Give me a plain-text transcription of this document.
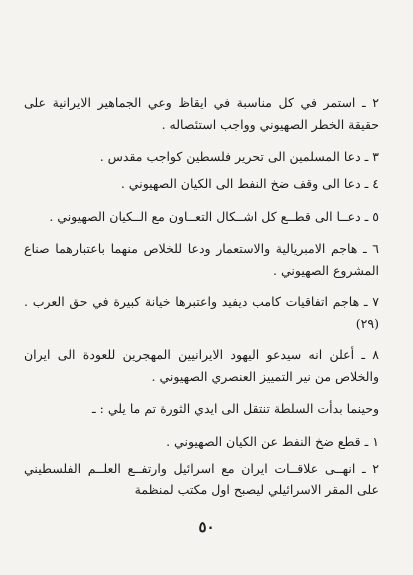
٢ ـ استمر في كل مناسبة في ايقاظ وعي الجماهير الايرانية على حقيقة الخطر الصهيوني وواجب استئصاله .

٣ ـ دعا المسلمين الى تحرير فلسطين كواجب مقدس .

٤ ـ دعا الى وقف ضخ النفط الى الكيان الصهيوني .

٥ ـ دعــا الى قطــع كل اشــكال التعــاون مع الــكيان الصهيوني .

٦ ـ هاجم الامبريالية والاستعمار ودعا للخلاص منهما باعتبارهما صناع المشروع الصهيوني .

٧ ـ هاجم اتفاقيات كامب ديفيد واعتبرها خيانة كبيرة في حق العرب . (٢٩)

٨ ـ أعلن انه سيدعو اليهود الايرانيين المهجرين للعودة الى ايران والخلاص من نير التمييز العنصري الصهيوني .

وحينما بدأت السلطة تنتقل الى ايدي الثورة تم ما يلي : ـ

١ ـ قطع ضخ النفط عن الكيان الصهيوني .

٢ ـ انهــى علاقــات ايران مع اسرائيل وارتفــع العلــم الفلسطيني على المقر الاسرائيلي ليصبح اول مكتب لمنظمة

٥٠
